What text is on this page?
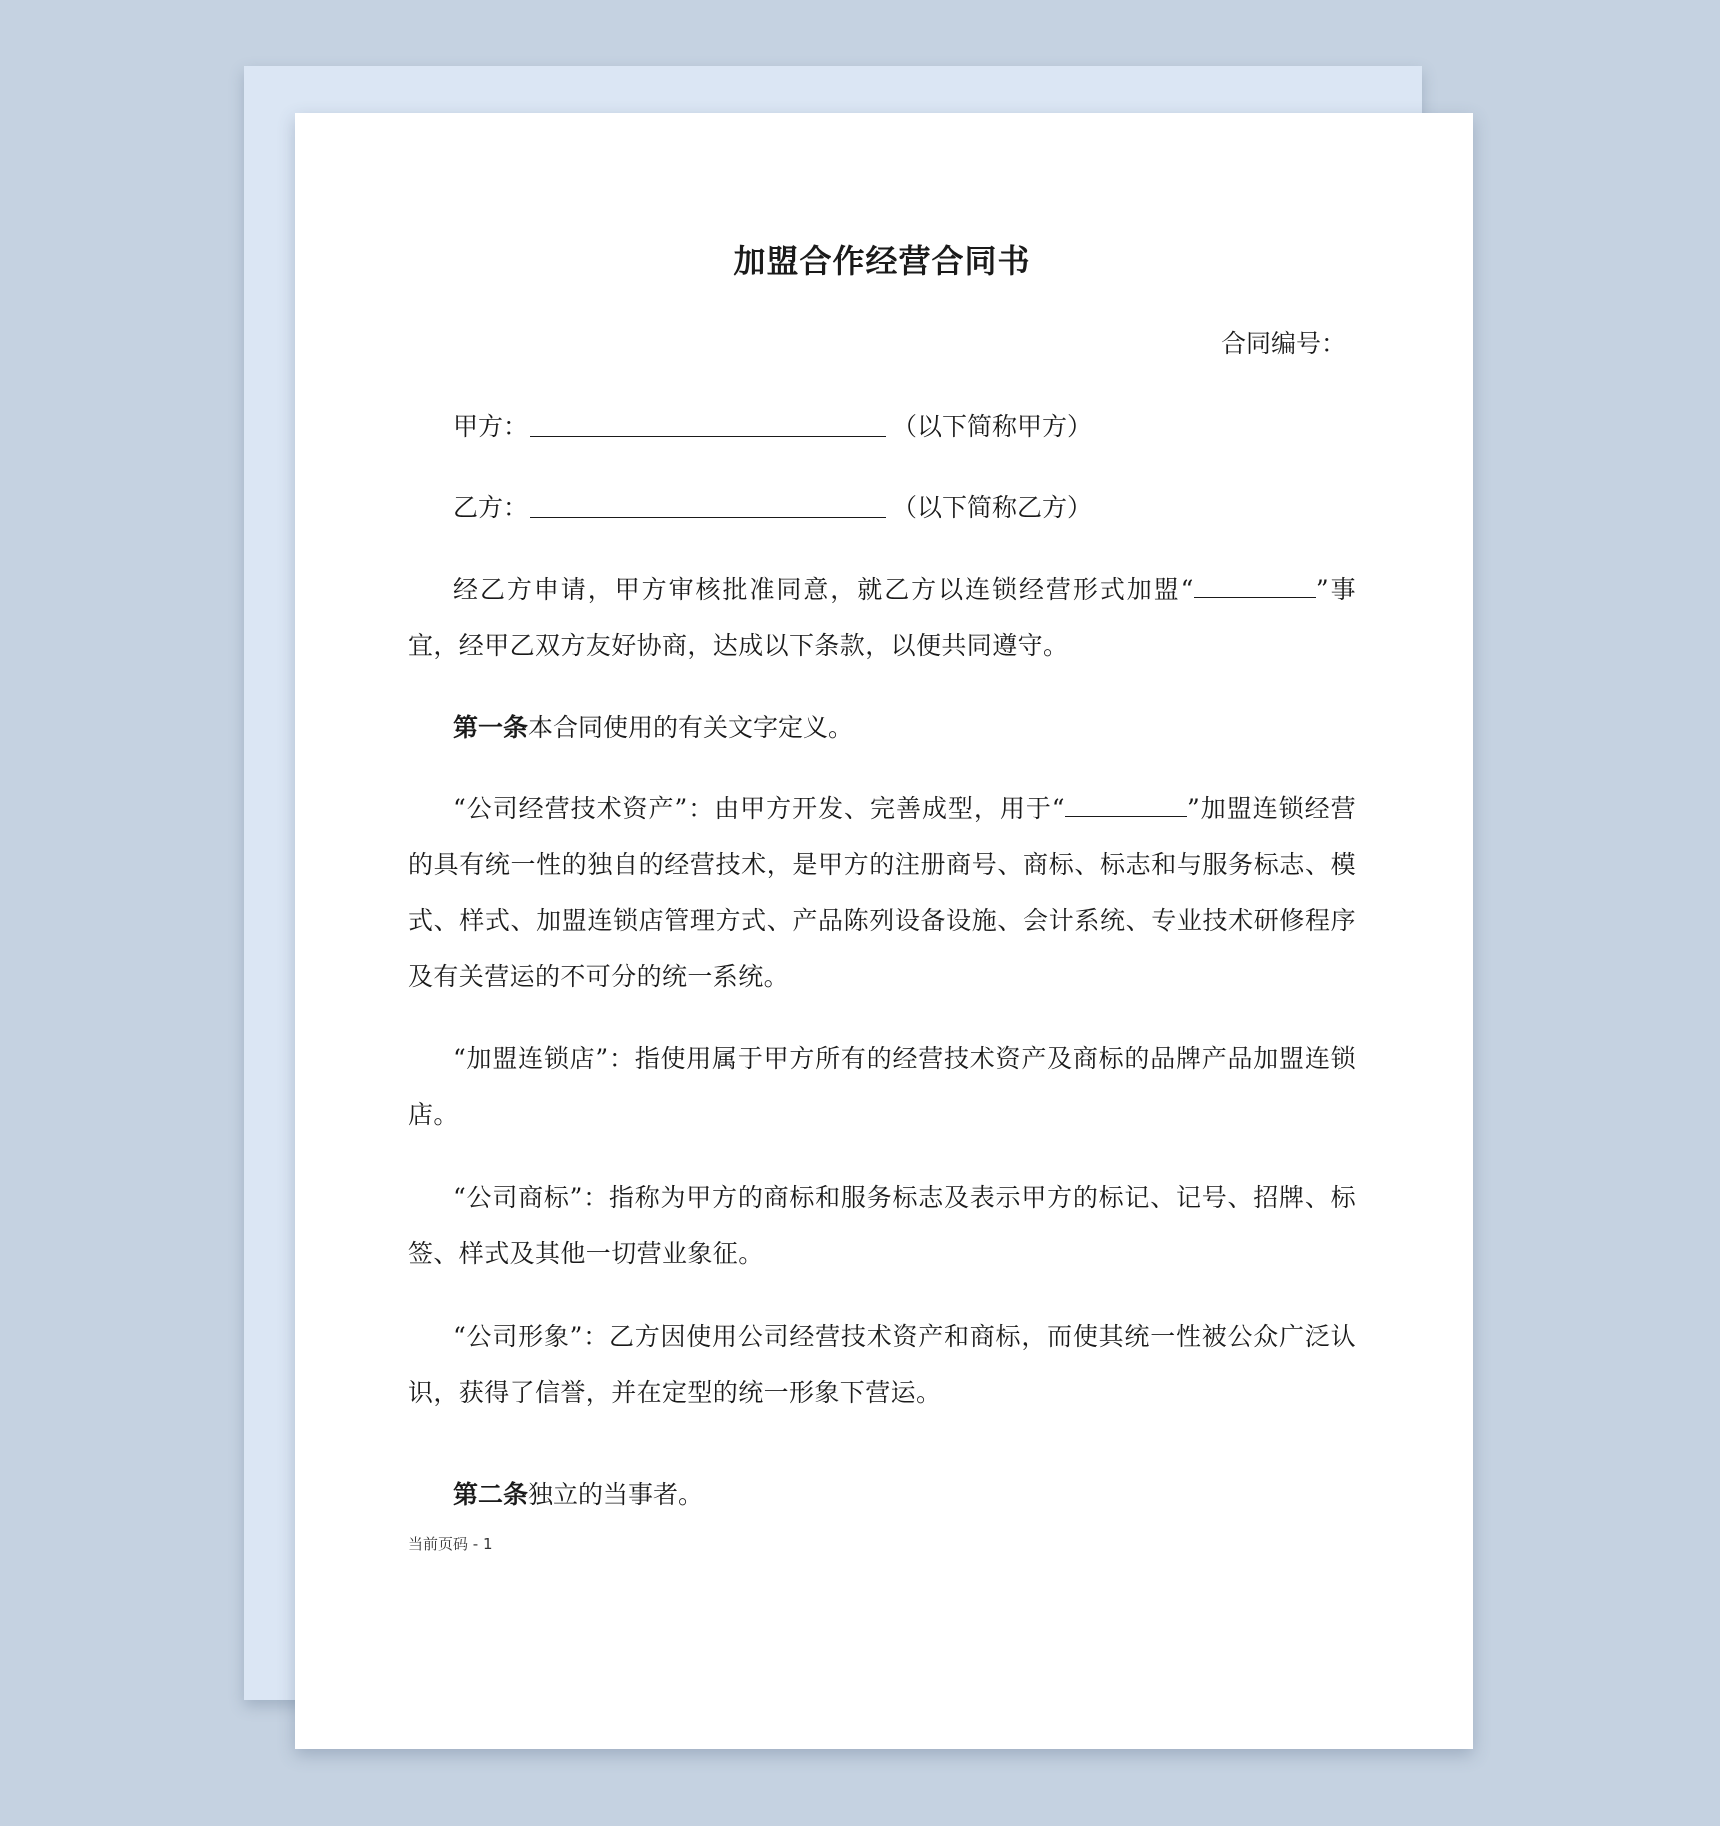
加盟合作经营合同书
合同编号：
甲方：	（以下简称甲方）
乙方：	（以下简称乙方）
经乙方申请，甲方审核批准同意，就乙方以连锁经营形式加盟“	”事宜，经甲乙双方友好协商，达成以下条款，以便共同遵守。
第一条本合同使用的有关文字定义。
“公司经营技术资产”：由甲方开发、完善成型，用于“	”加盟连锁经营的具有统一性的独自的经营技术，是甲方的注册商号、商标、标志和与服务标志、模式、样式、加盟连锁店管理方式、产品陈列设备设施、会计系统、专业技术研修程序及有关营运的不可分的统一系统。
“加盟连锁店”：指使用属于甲方所有的经营技术资产及商标的品牌产品加盟连锁店。
“公司商标”：指称为甲方的商标和服务标志及表示甲方的标记、记号、招牌、标签、样式及其他一切营业象征。
“公司形象”：乙方因使用公司经营技术资产和商标，而使其统一性被公众广泛认识，获得了信誉，并在定型的统一形象下营运。
第二条独立的当事者。
当前页码 - 1
